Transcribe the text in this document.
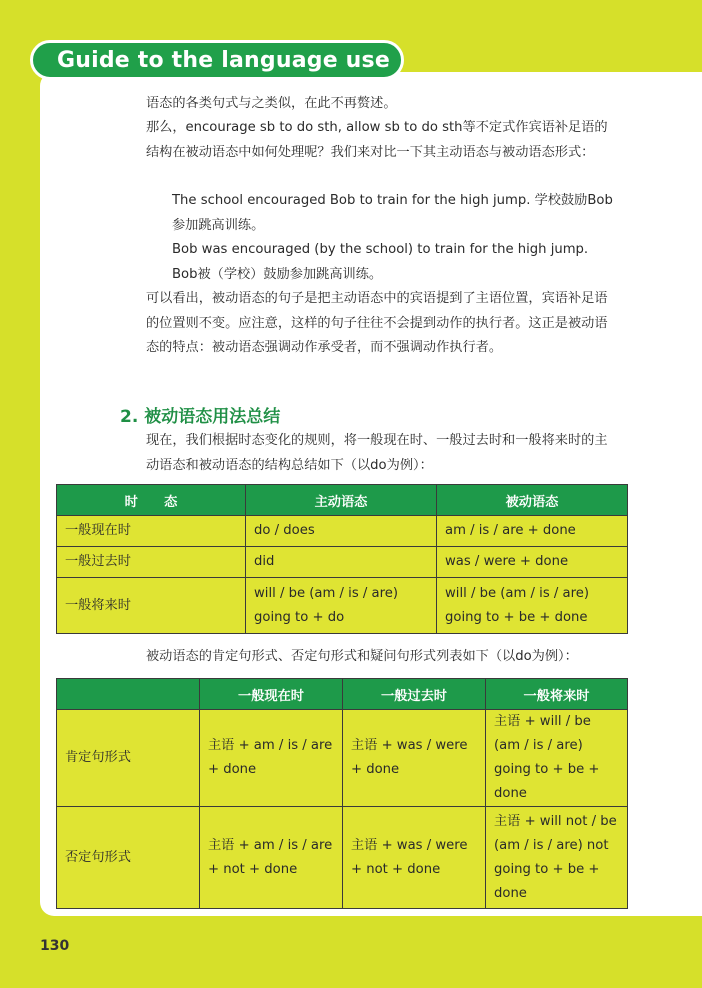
Guide to the language use

语态的各类句式与之类似，在此不再赘述。

那么，encourage sb to do sth, allow sb to do sth等不定式作宾语补足语的结构在被动语态中如何处理呢？我们来对比一下其主动语态与被动语态形式：

The school encouraged Bob to train for the high jump. 学校鼓励Bob参加跳高训练。

Bob was encouraged (by the school) to train for the high jump. Bob被（学校）鼓励参加跳高训练。

可以看出，被动语态的句子是把主动语态中的宾语提到了主语位置，宾语补足语的位置则不变。应注意，这样的句子往往不会提到动作的执行者。这正是被动语态的特点：被动语态强调动作承受者，而不强调动作执行者。

2. 被动语态用法总结

现在，我们根据时态变化的规则，将一般现在时、一般过去时和一般将来时的主动语态和被动语态的结构总结如下（以do为例）：

时　　态	主动语态	被动语态
一般现在时	do / does	am / is / are + done
一般过去时	did	was / were + done
一般将来时	will / be (am / is / are) going to + do	will / be (am / is / are) going to + be + done

被动语态的肯定句形式、否定句形式和疑问句形式列表如下（以do为例）：

	一般现在时	一般过去时	一般将来时
肯定句形式	主语 + am / is / are + done	主语 + was / were + done	主语 + will / be (am / is / are) going to + be + done
否定句形式	主语 + am / is / are + not + done	主语 + was / were + not + done	主语 + will not / be (am / is / are) not going to + be + done
130
